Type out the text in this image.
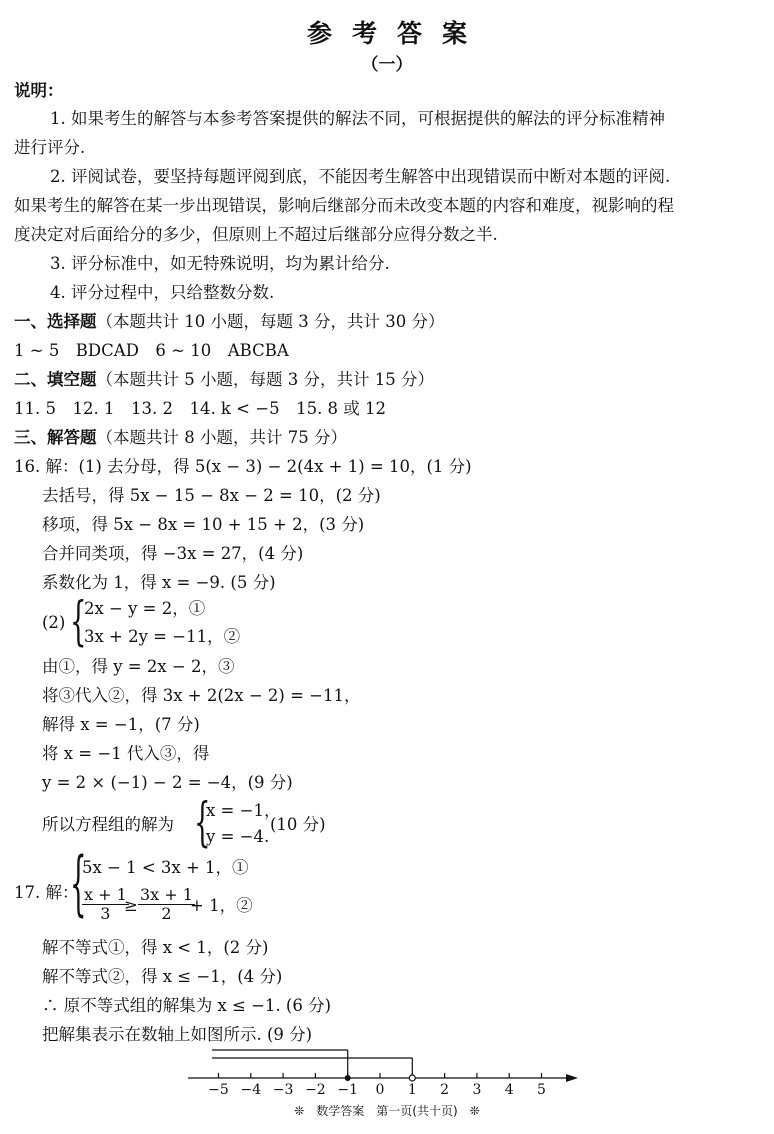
参考答案
（一）
说明：
1. 如果考生的解答与本参考答案提供的解法不同，可根据提供的解法的评分标准精神
进行评分.
2. 评阅试卷，要坚持每题评阅到底，不能因考生解答中出现错误而中断对本题的评阅.
如果考生的解答在某一步出现错误，影响后继部分而未改变本题的内容和难度，视影响的程
度决定对后面给分的多少，但原则上不超过后继部分应得分数之半.
3. 评分标准中，如无特殊说明，均为累计给分.
4. 评分过程中，只给整数分数.
一、选择题（本题共计 10 小题，每题 3 分，共计 30 分）
1 ~ 5　BDCAD　6 ~ 10　ABCBA
二、填空题（本题共计 5 小题，每题 3 分，共计 15 分）
11. 5　12. 1　13. 2　14. k < −5　15. 8 或 12
三、解答题（本题共计 8 小题，共计 75 分）
16. 解：(1) 去分母，得 5(x − 3) − 2(4x + 1) = 10，(1 分)
去括号，得 5x − 15 − 8x − 2 = 10，(2 分)
移项，得 5x − 8x = 10 + 15 + 2，(3 分)
合并同类项，得 −3x = 27，(4 分)
系数化为 1，得 x = −9. (5 分)
(2) {
2x − y = 2，①
3x + 2y = −11，②
由①，得 y = 2x − 2，③
将③代入②，得 3x + 2(2x − 2) = −11，
解得 x = −1，(7 分)
将 x = −1 代入③，得
y = 2 × (−1) − 2 = −4，(9 分)
所以方程组的解为 {
x = −1，
y = −4.
(10 分)
17. 解：
{
5x − 1 < 3x + 1，①
$\frac{x + 1}{3}$
≥ $\frac{3x + 1}{2}$
+ 1，②
解不等式①，得 x < 1，(2 分)
解不等式②，得 x ≤ −1，(4 分)
∴ 原不等式组的解集为 x ≤ −1. (6 分)
把解集表示在数轴上如图所示. (9 分)
−5 −4 −3 −2 −1 0 1 2 3 4 5
❊　数学答案　第一页(共十页)　❊
